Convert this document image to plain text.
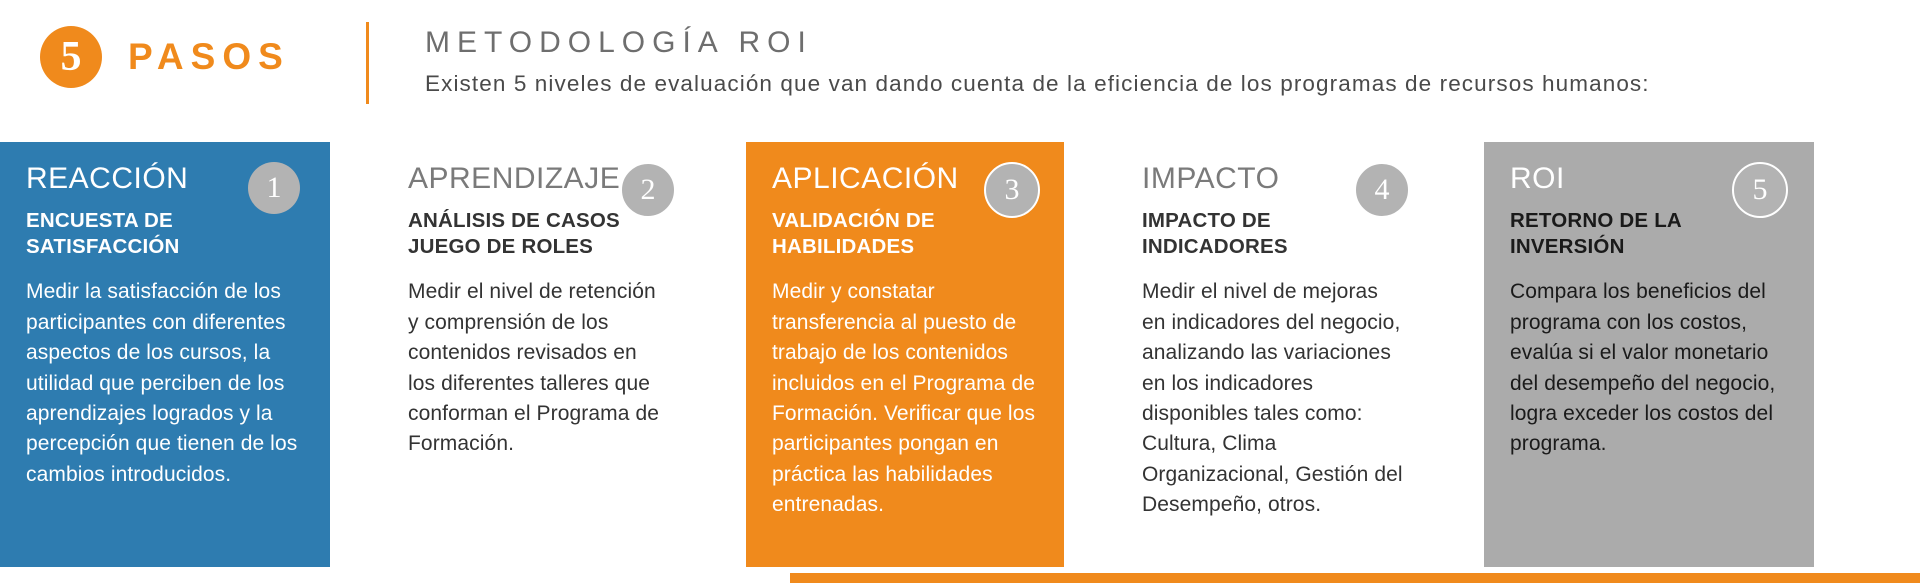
5	PASOS	METODOLOGÍA ROI
Existen 5 niveles de evaluación que van dando cuenta de la eficiencia de los programas de recursos humanos:
1
REACCIÓN
ENCUESTA DE SATISFACCIÓN

Medir la satisfacción de los participantes con diferentes aspectos de los cursos, la utilidad que perciben de los aprendizajes logrados y la percepción que tienen de los cambios introducidos.

2
APRENDIZAJE
ANÁLISIS DE CASOS JUEGO DE ROLES

Medir el nivel de retención y comprensión de los contenidos revisados en los diferentes talleres que conforman el Programa de Formación.

3
APLICACIÓN
VALIDACIÓN DE HABILIDADES

Medir y constatar transferencia al puesto de trabajo de los contenidos incluidos en el Programa de Formación. Verificar que los participantes pongan en práctica las habilidades entrenadas.

4
IMPACTO
IMPACTO DE INDICADORES

Medir el nivel de mejoras en indicadores del negocio, analizando las variaciones en los indicadores disponibles tales como: Cultura, Clima Organizacional, Gestión del Desempeño, otros.

5
ROI
RETORNO DE LA INVERSIÓN

Compara los beneficios del programa con los costos, evalúa si el valor monetario del desempeño del negocio, logra exceder los costos del programa.
